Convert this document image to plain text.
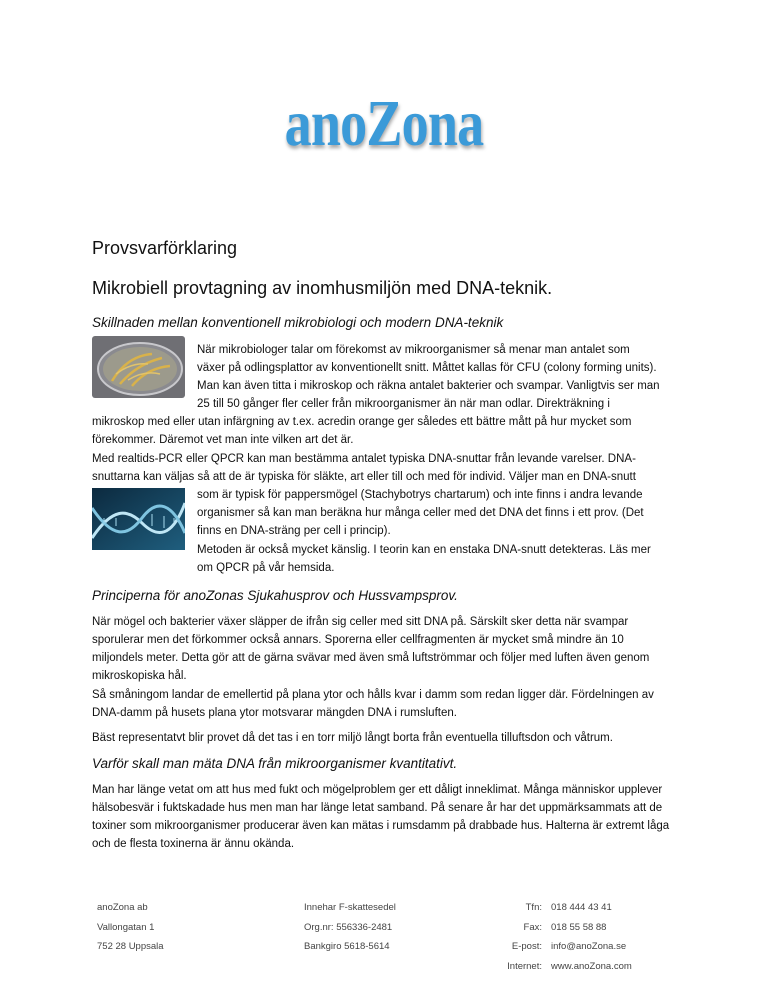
anoZona
Provsvarförklaring
Mikrobiell provtagning av inomhusmiljön med DNA-teknik.
Skillnaden mellan konventionell mikrobiologi och modern DNA-teknik

När mikrobiologer talar om förekomst av mikroorganismer så menar man antalet som

växer på odlingsplattor av konventionellt snitt. Måttet kallas för CFU (colony forming units).

Man kan även titta i mikroskop och räkna antalet bakterier och svampar. Vanligtvis ser man

25 till 50 gånger fler celler från mikroorganismer än när man odlar. Direkträkning i

mikroskop med eller utan infärgning av t.ex. acredin orange ger således ett bättre mått på hur mycket som förekommer. Däremot vet man inte vilken art det är.

Med realtids-PCR eller QPCR kan man bestämma antalet typiska DNA-snuttar från levande varelser. DNA-snuttarna kan väljas så att de är typiska för släkte, art eller till och med för individ. Väljer man en DNA-snutt

som är typisk för pappersmögel (Stachybotrys chartarum) och inte finns i andra levande

organismer så kan man beräkna hur många celler med det DNA det finns i ett prov. (Det

finns en DNA-sträng per cell i princip).

Metoden är också mycket känslig. I teorin kan en enstaka DNA-snutt detekteras. Läs mer

om QPCR på vår hemsida.

Principerna för anoZonas Sjukahusprov och Hussvampsprov.

När mögel och bakterier växer släpper de ifrån sig celler med sitt DNA på. Särskilt sker detta när svampar sporulerar men det förkommer också annars. Sporerna eller cellfragmenten är mycket små mindre än 10 miljondels meter. Detta gör att de gärna svävar med även små luftströmmar och följer med luften även genom mikroskopiska hål.

Så småningom landar de emellertid på plana ytor och hålls kvar i damm som redan ligger där. Fördelningen av DNA-damm på husets plana ytor motsvarar mängden DNA i rumsluften.

Bäst representatvt blir provet då det tas i en torr miljö långt borta från eventuella tilluftsdon och våtrum.

Varför skall man mäta DNA från mikroorganismer kvantitativt.

Man har länge vetat om att hus med fukt och mögelproblem ger ett dåligt inneklimat. Många människor upplever hälsobesvär i fuktskadade hus men man har länge letat samband. På senare år har det uppmärksammats att de toxiner som mikroorganismer producerar även kan mätas i rumsdamm på drabbade hus. Halterna är extremt låga och de flesta toxinerna är ännu okända.

anoZona ab
Vallongatan 1
752 28 Uppsala
Innehar F-skattesedel
Org.nr: 556336-2481
Bankgiro 5618-5614
Tfn:
Fax:
E-post:
Internet:
018 444 43 41
018 55 58 88
info@anoZona.se
www.anoZona.com
